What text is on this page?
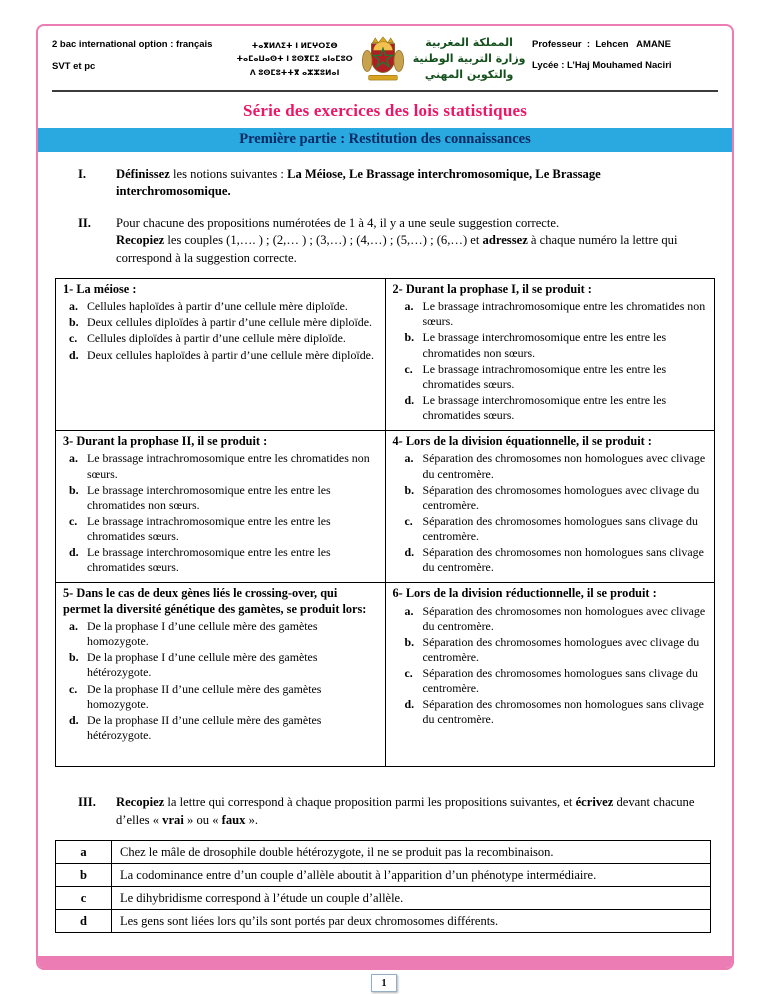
2 bac international option : français
SVT et pc
ⵜⴰⴳⵍⴷⵉⵜ ⵏ ⵍⵎⵖⵔⵉⴱ
ⵜⴰⵎⴰⵡⴰⵙⵜ ⵏ ⵓⵙⴳⵎⵉ ⴰⵏⴰⵎⵓⵔ
ⴷ ⵓⵙⵎⵓⵜⵜⴳ ⴰⵣⵣⵓⵍⴰⵏ
المملكة المغربية
وزارة التربية الوطنية
والتكوين المهني
Professeur  :  Lehcen   AMANE
Lycée : L’Haj Mouhamed Naciri
Série des exercices des lois statistiques
Première partie : Restitution des connaissances
I.	Définissez les notions suivantes : La Méiose, Le Brassage interchromosomique, Le Brassage interchromosomique.
II.	Pour chacune des propositions numérotées de 1 à 4, il y a une seule suggestion correcte.
Recopiez les couples (1,…. ) ; (2,… ) ; (3,…) ; (4,…) ; (5,…) ; (6,…) et adressez à chaque numéro la lettre qui correspond à la suggestion correcte.
1- La méiose :
a. Cellules haploïdes à partir d’une cellule mère diploïde.
b. Deux cellules diploïdes à partir d’une cellule mère diploïde.
c. Cellules diploïdes à partir d’une cellule mère diploïde.
d. Deux cellules haploïdes à partir d’une cellule mère diploïde.

2- Durant la prophase I, il se produit :
a. Le brassage intrachromosomique entre les chromatides non sœurs.
b. Le brassage interchromosomique entre les entre les chromatides non sœurs.
c. Le brassage intrachromosomique entre les entre les chromatides sœurs.
d. Le brassage interchromosomique entre les entre les chromatides sœurs.

3- Durant la prophase II, il se produit :
a. Le brassage intrachromosomique entre les chromatides non sœurs.
b. Le brassage interchromosomique entre les entre les chromatides non sœurs.
c. Le brassage intrachromosomique entre les entre les chromatides sœurs.
d. Le brassage interchromosomique entre les entre les chromatides sœurs.

4- Lors de la division équationnelle, il se produit :
a. Séparation des chromosomes non homologues avec clivage du centromère.
b. Séparation des chromosomes homologues avec clivage du centromère.
c. Séparation des chromosomes homologues sans clivage du centromère.
d. Séparation des chromosomes non homologues sans clivage du centromère.

5- Dans le cas de deux gènes liés le crossing-over, qui permet la diversité génétique des gamètes, se produit lors:
a. De la prophase I d’une cellule mère des gamètes homozygote.
b. De la prophase I d’une cellule mère des gamètes hétérozygote.
c. De la prophase II d’une cellule mère des gamètes homozygote.
d. De la prophase II d’une cellule mère des gamètes hétérozygote.

6- Lors de la division réductionnelle, il se produit :
a. Séparation des chromosomes non homologues avec clivage du centromère.
b. Séparation des chromosomes homologues avec clivage du centromère.
c. Séparation des chromosomes homologues sans clivage du centromère.
d. Séparation des chromosomes non homologues sans clivage du centromère.
III.	Recopiez la lettre qui correspond à chaque proposition parmi les propositions suivantes, et écrivez devant chacune d’elles « vrai » ou « faux ».
a	Chez le mâle de drosophile double hétérozygote, il ne se produit pas la recombinaison.
b	La codominance entre d’un couple d’allèle aboutit à l’apparition d’un phénotype intermédiaire.
c	Le dihybridisme correspond à l’étude un couple d’allèle.
d	Les gens sont liées lors qu’ils sont portés par deux chromosomes différents.
1
